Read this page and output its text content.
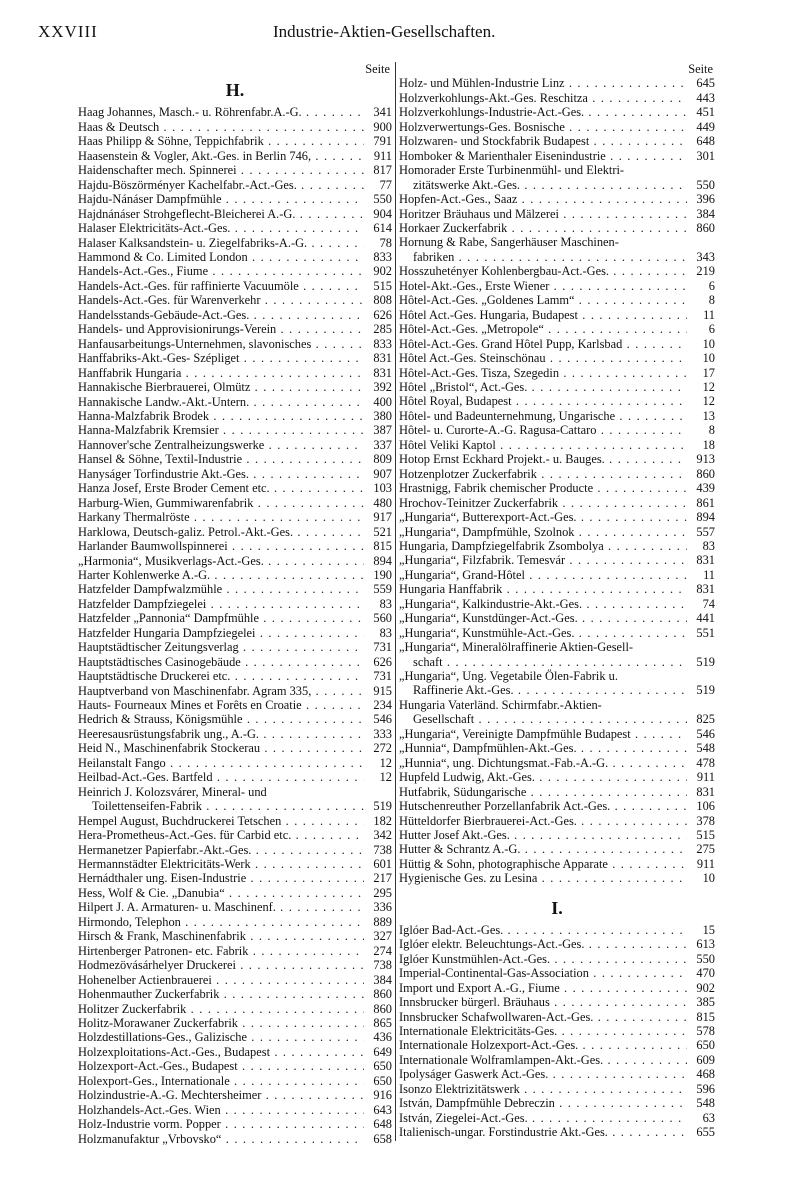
XXVIII	Industrie-Aktien-Gesellschaften.
Seite
H.
Haag Johannes, Masch.- u. Röhrenfabr.A.-G. . . .	341
Haas & Deutsch . . .	900
Haas Philipp & Söhne, Teppichfabrik . . .	791
Haasenstein & Vogler, Akt.-Ges. in Berlin 746, . . .	911
Haidenschafter mech. Spinnerei . . .	817
Hajdu-Böszörményer Kachelfabr.-Act.-Ges. . . .	77
Hajdu-Nánáser Dampfmühle . . .	550
Hajdnánáser Strohgeflecht-Bleicherei A.-G. . . .	904
Halaser Elektricitäts-Act.-Ges. . . .	614
Halaser Kalksandstein- u. Ziegelfabriks-A.-G. . . .	78
Hammond & Co. Limited London . . .	833
Handels-Act.-Ges., Fiume . . .	902
Handels-Act.-Ges. für raffinierte Vacuumöle . . .	515
Handels-Act.-Ges. für Warenverkehr . . .	808
Handelsstands-Gebäude-Act.-Ges. . . .	626
Handels- und Approvisionirungs-Verein . . .	285
Hanfausarbeitungs-Unternehmen, slavonisches . . .	833
Hanffabriks-Akt.-Ges- Szépliget . . .	831
Hanffabrik Hungaria . . .	831
Hannakische Bierbrauerei, Olmütz . . .	392
Hannakische Landw.-Akt.-Untern. . . .	400
Hanna-Malzfabrik Brodek . . .	380
Hanna-Malzfabrik Kremsier . . .	387
Hannover'sche Zentralheizungswerke . . .	337
Hansel & Söhne, Textil-Industrie . . .	809
Hanyságer Torfindustrie Akt.-Ges. . . .	907
Hanza Josef, Erste Broder Cement etc. . . .	103
Harburg-Wien, Gummiwarenfabrik . . .	480
Harkany Thermalröste . . .	917
Harklowa, Deutsch-galiz. Petrol.-Akt.-Ges. . . .	521
Harlander Baumwollspinnerei . . .	815
„Harmonia“, Musikverlags-Act.-Ges. . . .	894
Harter Kohlenwerke A.-G. . . .	190
Hatzfelder Dampfwalzmühle . . .	559
Hatzfelder Dampfziegelei . . .	83
Hatzfelder „Pannonia“ Dampfmühle . . .	560
Hatzfelder Hungaria Dampfziegelei . . .	83
Hauptstädtischer Zeitungsverlag . . .	731
Hauptstädtisches Casinogebäude . . .	626
Hauptstädtische Druckerei etc. . . .	731
Hauptverband von Maschinenfabr. Agram 335, . . .	915
Hauts- Fourneaux Mines et Forêts en Croatie . . .	234
Hedrich & Strauss, Königsmühle . . .	546
Heeresausrüstungsfabrik ung., A.-G. . . .	333
Heid N., Maschinenfabrik Stockerau . . .	272
Heilanstalt Fango . . .	12
Heilbad-Act.-Ges. Bartfeld . . .	12
Heinrich J. Kolozsvárer, Mineral- und
Toilettenseifen-Fabrik . . .	519
Hempel August, Buchdruckerei Tetschen . . .	182
Hera-Prometheus-Act.-Ges. für Carbid etc. . . .	342
Hermanetzer Papierfabr.-Akt.-Ges. . . .	738
Hermannstädter Elektricitäts-Werk . . .	601
Hernádthaler ung. Eisen-Industrie . . .	217
Hess, Wolf & Cie. „Danubia“ . . .	295
Hilpert J. A. Armaturen- u. Maschinenf. . . .	336
Hirmondo, Telephon . . .	889
Hirsch & Frank, Maschinenfabrik . . .	327
Hirtenberger Patronen- etc. Fabrik . . .	274
Hodmezövásárhelyer Druckerei . . .	738
Hohenelber Actienbrauerei . . .	384
Hohenmauther Zuckerfabrik . . .	860
Holitzer Zuckerfabrik . . .	860
Holitz-Morawaner Zuckerfabrik . . .	865
Holzdestillations-Ges., Galizische . . .	436
Holzexploitations-Act.-Ges., Budapest . . .	649
Holzexport-Act.-Ges., Budapest . . .	650
Holexport-Ges., Internationale . . .	650
Holzindustrie-A.-G. Mechtersheimer . . .	916
Holzhandels-Act.-Ges. Wien . . .	643
Holz-Industrie vorm. Popper . . .	648
Holzmanufaktur „Vrbovsko“ . . .	658
Seite
Holz- und Mühlen-Industrie Linz . . .	645
Holzverkohlungs-Akt.-Ges. Reschitza . . .	443
Holzverkohlungs-Industrie-Act.-Ges. . . .	451
Holzverwertungs-Ges. Bosnische . . .	449
Holzwaren- und Stockfabrik Budapest . . .	648
Homboker & Marienthaler Eisenindustrie . . .	301
Homorader Erste Turbinenmühl- und Elektri-
zitätswerke Akt.-Ges. . . .	550
Hopfen-Act.-Ges., Saaz . . .	396
Horitzer Bräuhaus und Mälzerei . . .	384
Horkaer Zuckerfabrik . . .	860
Hornung & Rabe, Sangerhäuser Maschinen-
fabriken . . .	343
Hosszuhetényer Kohlenbergbau-Act.-Ges. . . .	219
Hotel-Akt.-Ges., Erste Wiener . . .	6
Hôtel-Act.-Ges. „Goldenes Lamm“ . . .	8
Hôtel Act.-Ges. Hungaria, Budapest . . .	11
Hôtel-Act.-Ges. „Metropole“ . . .	6
Hôtel-Act.-Ges. Grand Hôtel Pupp, Karlsbad . . .	10
Hôtel Act.-Ges. Steinschönau . . .	10
Hôtel-Act.-Ges. Tisza, Szegedin . . .	17
Hôtel „Bristol“, Act.-Ges. . . .	12
Hôtel Royal, Budapest . . .	12
Hôtel- und Badeunternehmung, Ungarische . . .	13
Hôtel- u. Curorte-A.-G. Ragusa-Cattaro . . .	8
Hôtel Veliki Kaptol . . .	18
Hotop Ernst Eckhard Projekt.- u. Bauges. . . .	913
Hotzenplotzer Zuckerfabrik . . .	860
Hrastnigg, Fabrik chemischer Producte . . .	439
Hrochov-Teinitzer Zuckerfabrik . . .	861
„Hungaria“, Butterexport-Act.-Ges. . . .	894
„Hungaria“, Dampfmühle, Szolnok . . .	557
Hungaria, Dampfziegelfabrik Zsombolya . . .	83
„Hungaria“, Filzfabrik. Temesvár . . .	831
„Hungaria“, Grand-Hôtel . . .	11
Hungaria Hanffabrik . . .	831
„Hungaria“, Kalkindustrie-Akt.-Ges. . . .	74
„Hungaria“, Kunstdünger-Act.-Ges. . . .	441
„Hungaria“, Kunstmühle-Act.-Ges. . . .	551
„Hungaria“, Mineralölraffinerie Aktien-Gesell-
schaft . . .	519
„Hungaria“, Ung. Vegetabile Ölen-Fabrik u.
Raffinerie Akt.-Ges. . . .	519
Hungaria Vaterländ. Schirmfabr.-Aktien-
Gesellschaft . . .	825
„Hungaria“, Vereinigte Dampfmühle Budapest . . .	546
„Hunnia“, Dampfmühlen-Akt.-Ges. . . .	548
„Hunnia“, ung. Dichtungsmat.-Fab.-A.-G. . . .	478
Hupfeld Ludwig, Akt.-Ges. . . .	911
Hutfabrik, Südungarische . . .	831
Hutschenreuther Porzellanfabrik Act.-Ges. . . .	106
Hütteldorfer Bierbrauerei-Act.-Ges. . . .	378
Hutter Josef Akt.-Ges. . . .	515
Hutter & Schrantz A.-G. . . .	275
Hüttig & Sohn, photographische Apparate . . .	911
Hygienische Ges. zu Lesina . . .	10
I.
Iglóer Bad-Act.-Ges. . . .	15
Iglóer elektr. Beleuchtungs-Act.-Ges. . . .	613
Iglóer Kunstmühlen-Act.-Ges. . . .	550
Imperial-Continental-Gas-Association . . .	470
Import und Export A.-G., Fiume . . .	902
Innsbrucker bürgerl. Bräuhaus . . .	385
Innsbrucker Schafwollwaren-Act.-Ges. . . .	815
Internationale Elektricitäts-Ges. . . .	578
Internationale Holzexport-Act.-Ges. . . .	650
Internationale Wolframlampen-Akt.-Ges. . . .	609
Ipolyságer Gaswerk Act.-Ges. . . .	468
Isonzo Elektrizitätswerk . . .	596
István, Dampfmühle Debreczin . . .	548
István, Ziegelei-Act.-Ges. . . .	63
Italienisch-ungar. Forstindustrie Akt.-Ges. . . .	655
